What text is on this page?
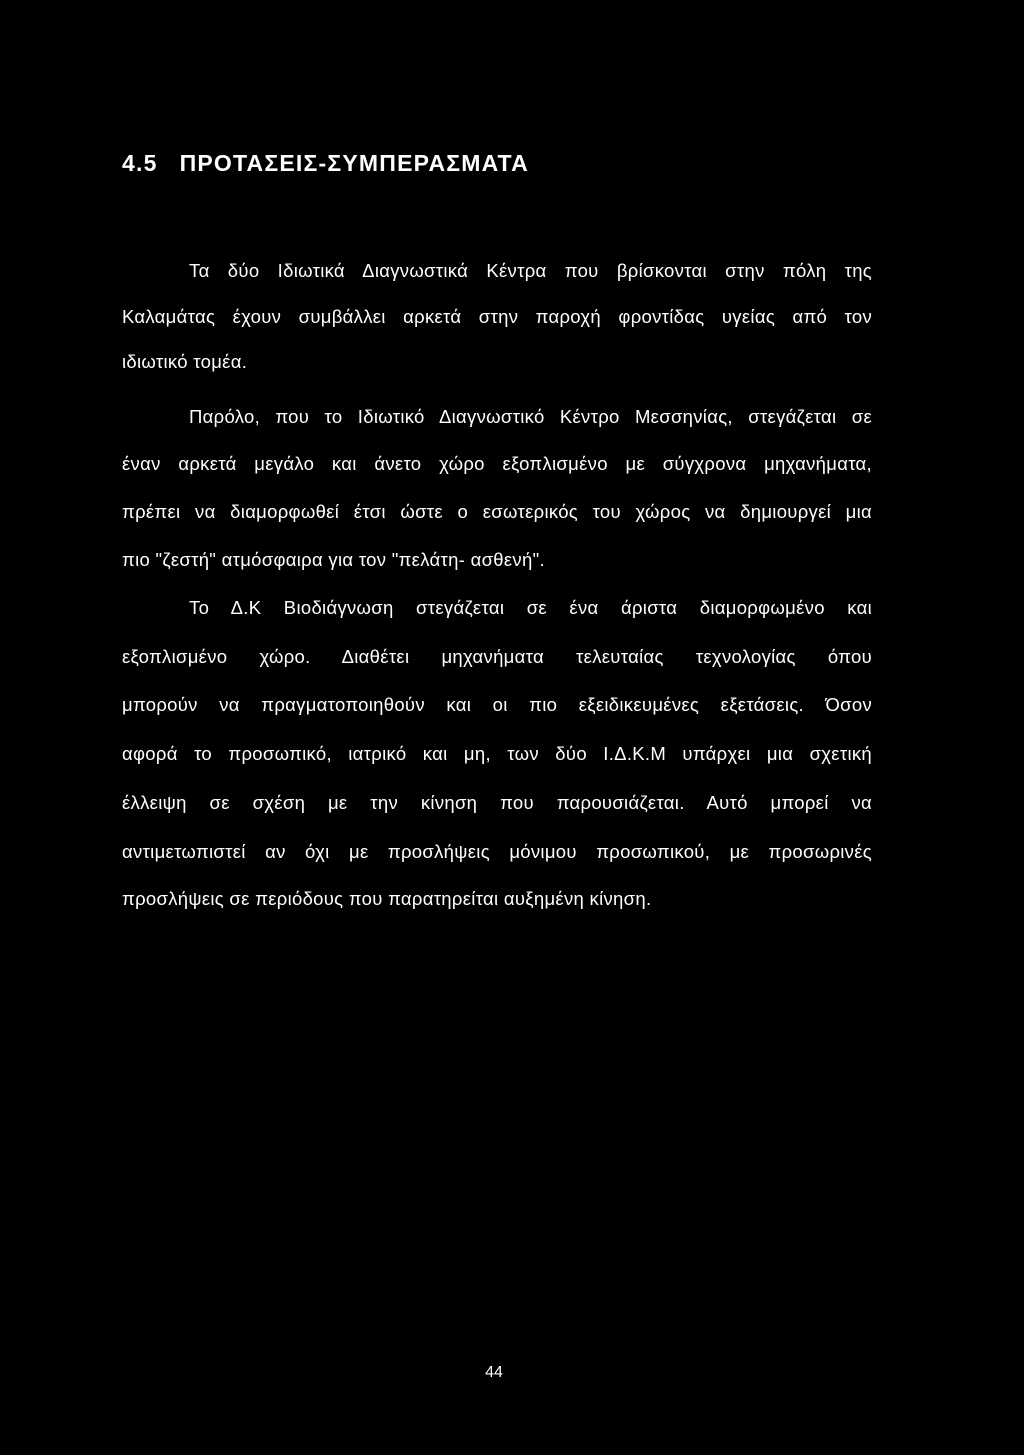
4.5 ΠΡΟΤΑΣΕΙΣ-ΣΥΜΠΕΡΑΣΜΑΤΑ
Τα δύο Ιδιωτικά Διαγνωστικά Κέντρα που βρίσκονται στην πόλη της
Καλαμάτας έχουν συμβάλλει αρκετά στην παροχή φροντίδας υγείας από τον
ιδιωτικό τομέα.
Παρόλο, που το Ιδιωτικό Διαγνωστικό Κέντρο Μεσσηνίας, στεγάζεται σε
έναν αρκετά μεγάλο και άνετο χώρο εξοπλισμένο με σύγχρονα μηχανήματα,
πρέπει να διαμορφωθεί έτσι ώστε ο εσωτερικός του χώρος να δημιουργεί μια
πιο "ζεστή" ατμόσφαιρα για τον "πελάτη- ασθενή".
Το Δ.Κ Βιοδιάγνωση στεγάζεται σε ένα άριστα διαμορφωμένο και
εξοπλισμένο χώρο. Διαθέτει μηχανήματα τελευταίας τεχνολογίας όπου
μπορούν να πραγματοποιηθούν και οι πιο εξειδικευμένες εξετάσεις. Όσον
αφορά το προσωπικό, ιατρικό και μη, των δύο Ι.Δ.Κ.Μ υπάρχει μια σχετική
έλλειψη σε σχέση με την κίνηση που παρουσιάζεται. Αυτό μπορεί να
αντιμετωπιστεί αν όχι με προσλήψεις μόνιμου προσωπικού, με προσωρινές
προσλήψεις σε περιόδους που παρατηρείται αυξημένη κίνηση.
44
